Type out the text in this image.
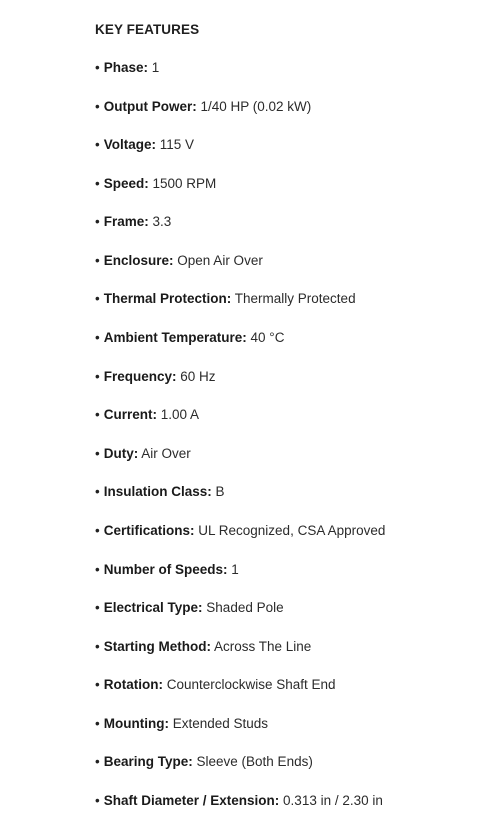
KEY FEATURES
• Phase: 1
• Output Power: 1/40 HP (0.02 kW)
• Voltage: 115 V
• Speed: 1500 RPM
• Frame: 3.3
• Enclosure: Open Air Over
• Thermal Protection: Thermally Protected
• Ambient Temperature: 40 °C
• Frequency: 60 Hz
• Current: 1.00 A
• Duty: Air Over
• Insulation Class: B
• Certifications: UL Recognized, CSA Approved
• Number of Speeds: 1
• Electrical Type: Shaded Pole
• Starting Method: Across The Line
• Rotation: Counterclockwise Shaft End
• Mounting: Extended Studs
• Bearing Type: Sleeve (Both Ends)
• Shaft Diameter / Extension: 0.313 in / 2.30 in
